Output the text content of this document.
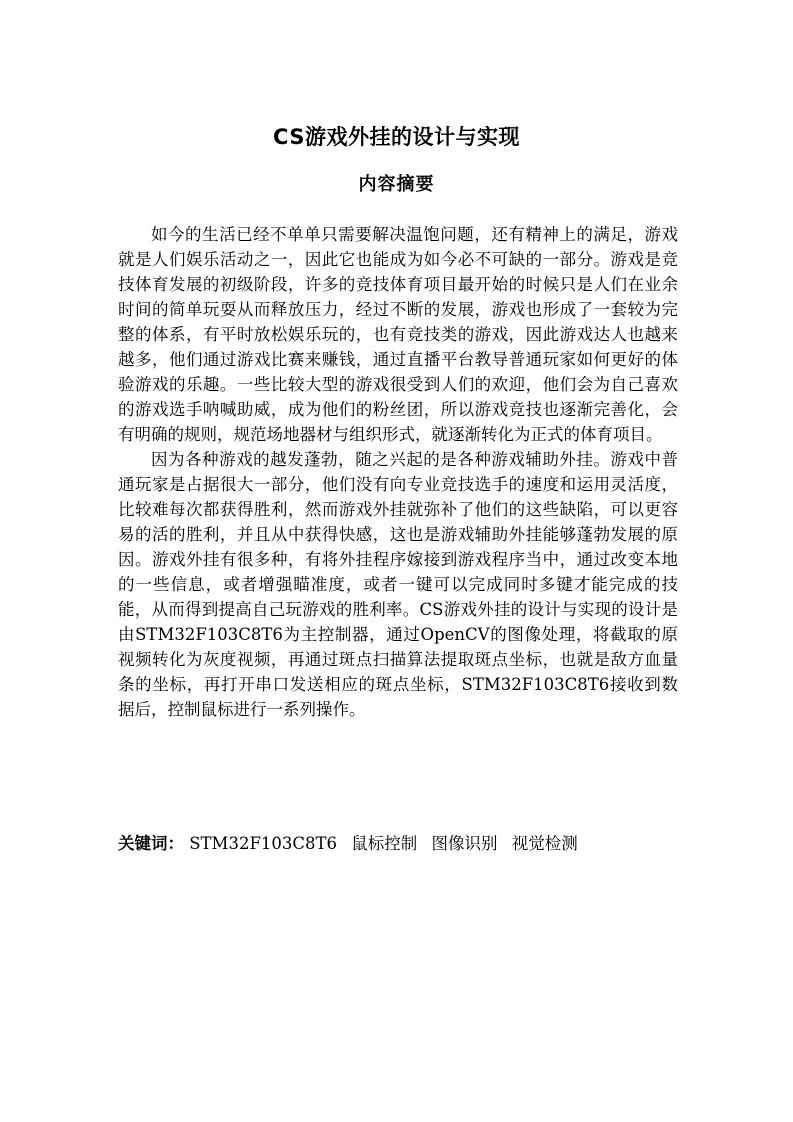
CS游戏外挂的设计与实现
内容摘要

如今的生活已经不单单只需要解决温饱问题，还有精神上的满足，游戏就是人们娱乐活动之一，因此它也能成为如今必不可缺的一部分。游戏是竞技体育发展的初级阶段，许多的竞技体育项目最开始的时候只是人们在业余时间的简单玩耍从而释放压力，经过不断的发展，游戏也形成了一套较为完整的体系，有平时放松娱乐玩的，也有竞技类的游戏，因此游戏达人也越来越多，他们通过游戏比赛来赚钱，通过直播平台教导普通玩家如何更好的体验游戏的乐趣。一些比较大型的游戏很受到人们的欢迎，他们会为自己喜欢的游戏选手呐喊助威，成为他们的粉丝团，所以游戏竞技也逐渐完善化，会有明确的规则，规范场地器材与组织形式，就逐渐转化为正式的体育项目。

因为各种游戏的越发蓬勃，随之兴起的是各种游戏辅助外挂。游戏中普通玩家是占据很大一部分，他们没有向专业竞技选手的速度和运用灵活度，比较难每次都获得胜利，然而游戏外挂就弥补了他们的这些缺陷，可以更容易的活的胜利，并且从中获得快感，这也是游戏辅助外挂能够蓬勃发展的原因。游戏外挂有很多种，有将外挂程序嫁接到游戏程序当中，通过改变本地的一些信息，或者增强瞄准度，或者一键可以完成同时多键才能完成的技能，从而得到提高自己玩游戏的胜利率。CS游戏外挂的设计与实现的设计是由STM32F103C8T6为主控制器，通过OpenCV的图像处理，将截取的原视频转化为灰度视频，再通过斑点扫描算法提取斑点坐标，也就是敌方血量条的坐标，再打开串口发送相应的斑点坐标，STM32F103C8T6接收到数据后，控制鼠标进行一系列操作。

关键词： STM32F103C8T6 鼠标控制 图像识别 视觉检测
